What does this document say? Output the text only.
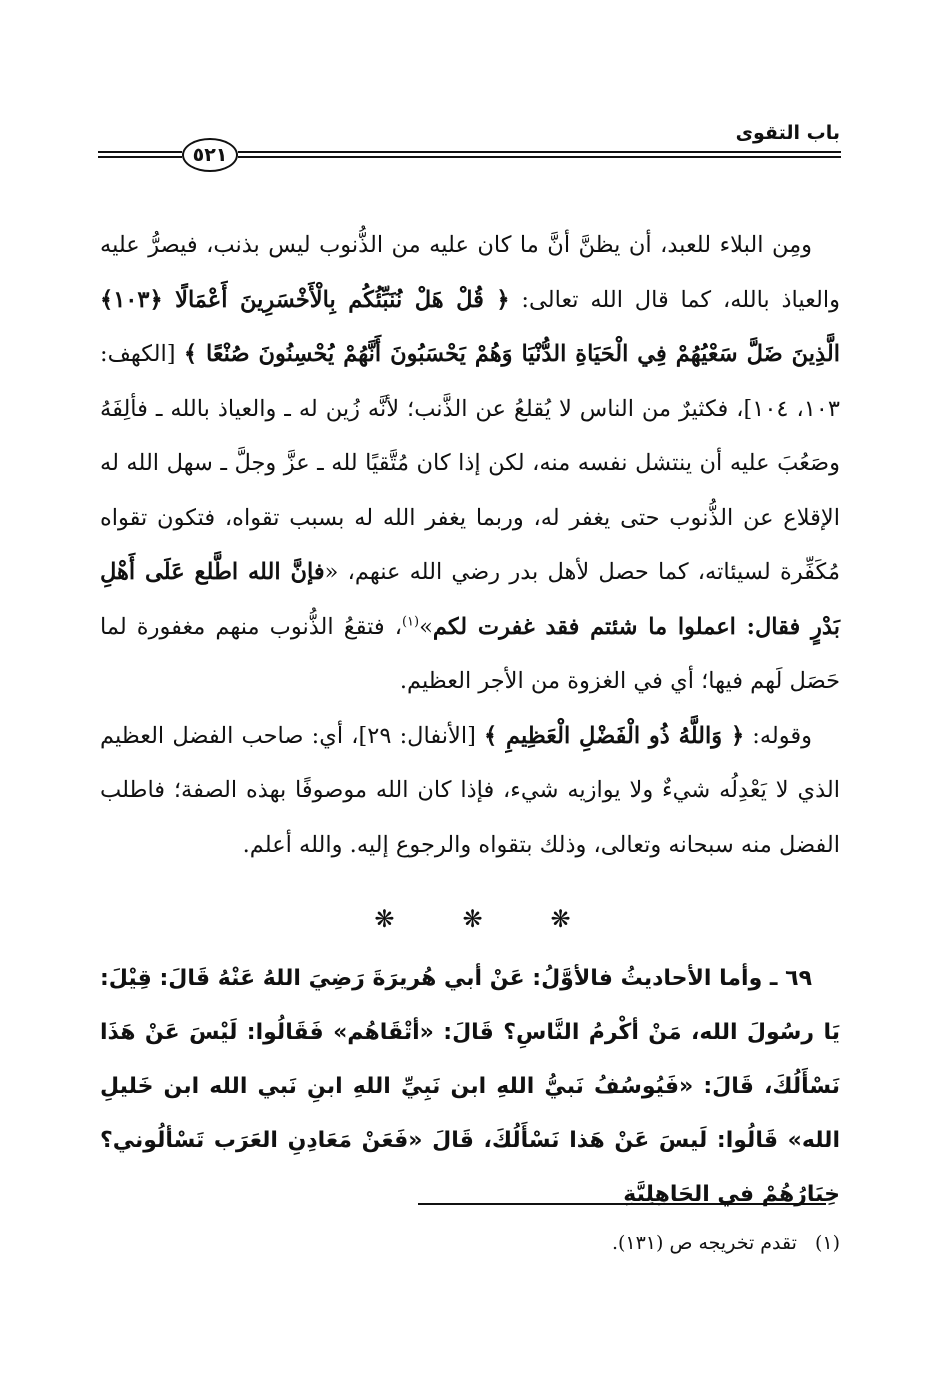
باب التقوى
٥٢١

ومِن البلاء للعبد، أن يظنَّ أنَّ ما كان عليه من الذُّنوب ليس بذنب، فيصرُّ عليه والعياذ بالله، كما قال الله تعالى: ﴿ قُلْ هَلْ نُنَبِّئُكُم بِالْأَخْسَرِينَ أَعْمَالًا ﴿١٠٣﴾ الَّذِينَ ضَلَّ سَعْيُهُمْ فِي الْحَيَاةِ الدُّنْيَا وَهُمْ يَحْسَبُونَ أَنَّهُمْ يُحْسِنُونَ صُنْعًا ﴾ [الكهف: ١٠٣، ١٠٤]، فكثيرٌ من الناس لا يُقلعُ عن الذَّنب؛ لأنَّه زُين له ـ والعياذ بالله ـ فألِفَهُ وصَعُبَ عليه أن ينتشل نفسه منه، لكن إذا كان مُتَّقيًا لله ـ عزَّ وجلَّ ـ سهل الله له الإقلاع عن الذُّنوب حتى يغفر له، وربما يغفر الله له بسبب تقواه، فتكون تقواه مُكَفِّرة لسيئاته، كما حصل لأهل بدر رضي الله عنهم، «فإنَّ الله اطَّلع عَلَى أَهْلِ بَدْرٍ فقال: اعملوا ما شئتم فقد غفرت لكم»$^{(١)}$، فتقعُ الذُّنوب منهم مغفورة لما حَصَل لَهم فيها؛ أي في الغزوة من الأجر العظيم.

وقوله: ﴿ وَاللَّهُ ذُو الْفَضْلِ الْعَظِيمِ ﴾ [الأنفال: ٢٩]، أي: صاحب الفضل العظيم الذي لا يَعْدِلُه شيءٌ ولا يوازيه شيء، فإذا كان الله موصوفًا بهذه الصفة؛ فاطلب الفضل منه سبحانه وتعالى، وذلك بتقواه والرجوع إليه. والله أعلم.

❋	❋	❋

٦٩ ـ وأما الأحاديثُ فالأوَّلُ: عَنْ أبي هُريرَةَ رَضِيَ اللهُ عَنْهُ قَالَ: قِيْلَ: يَا رسُولَ الله، مَنْ أكْرمُ النَّاسِ؟ قَالَ: «أتْقَاهُم» فَقَالُوا: لَيْسَ عَنْ هَذَا نَسْأَلُكَ، قَالَ: «فَيُوسُفُ نَبيُّ اللهِ ابن نَبِيِّ اللهِ ابنِ نَبي الله ابن خَليلِ الله» قَالُوا: لَيسَ عَنْ هَذا نَسْأَلُكَ، قَالَ «فَعَنْ مَعَادِنِ العَرَب تَسْألُوني؟ خِيَارُهُمْ في الجَاهِلِيَّةِ

(١)تقدم تخريجه ص (١٣١).
